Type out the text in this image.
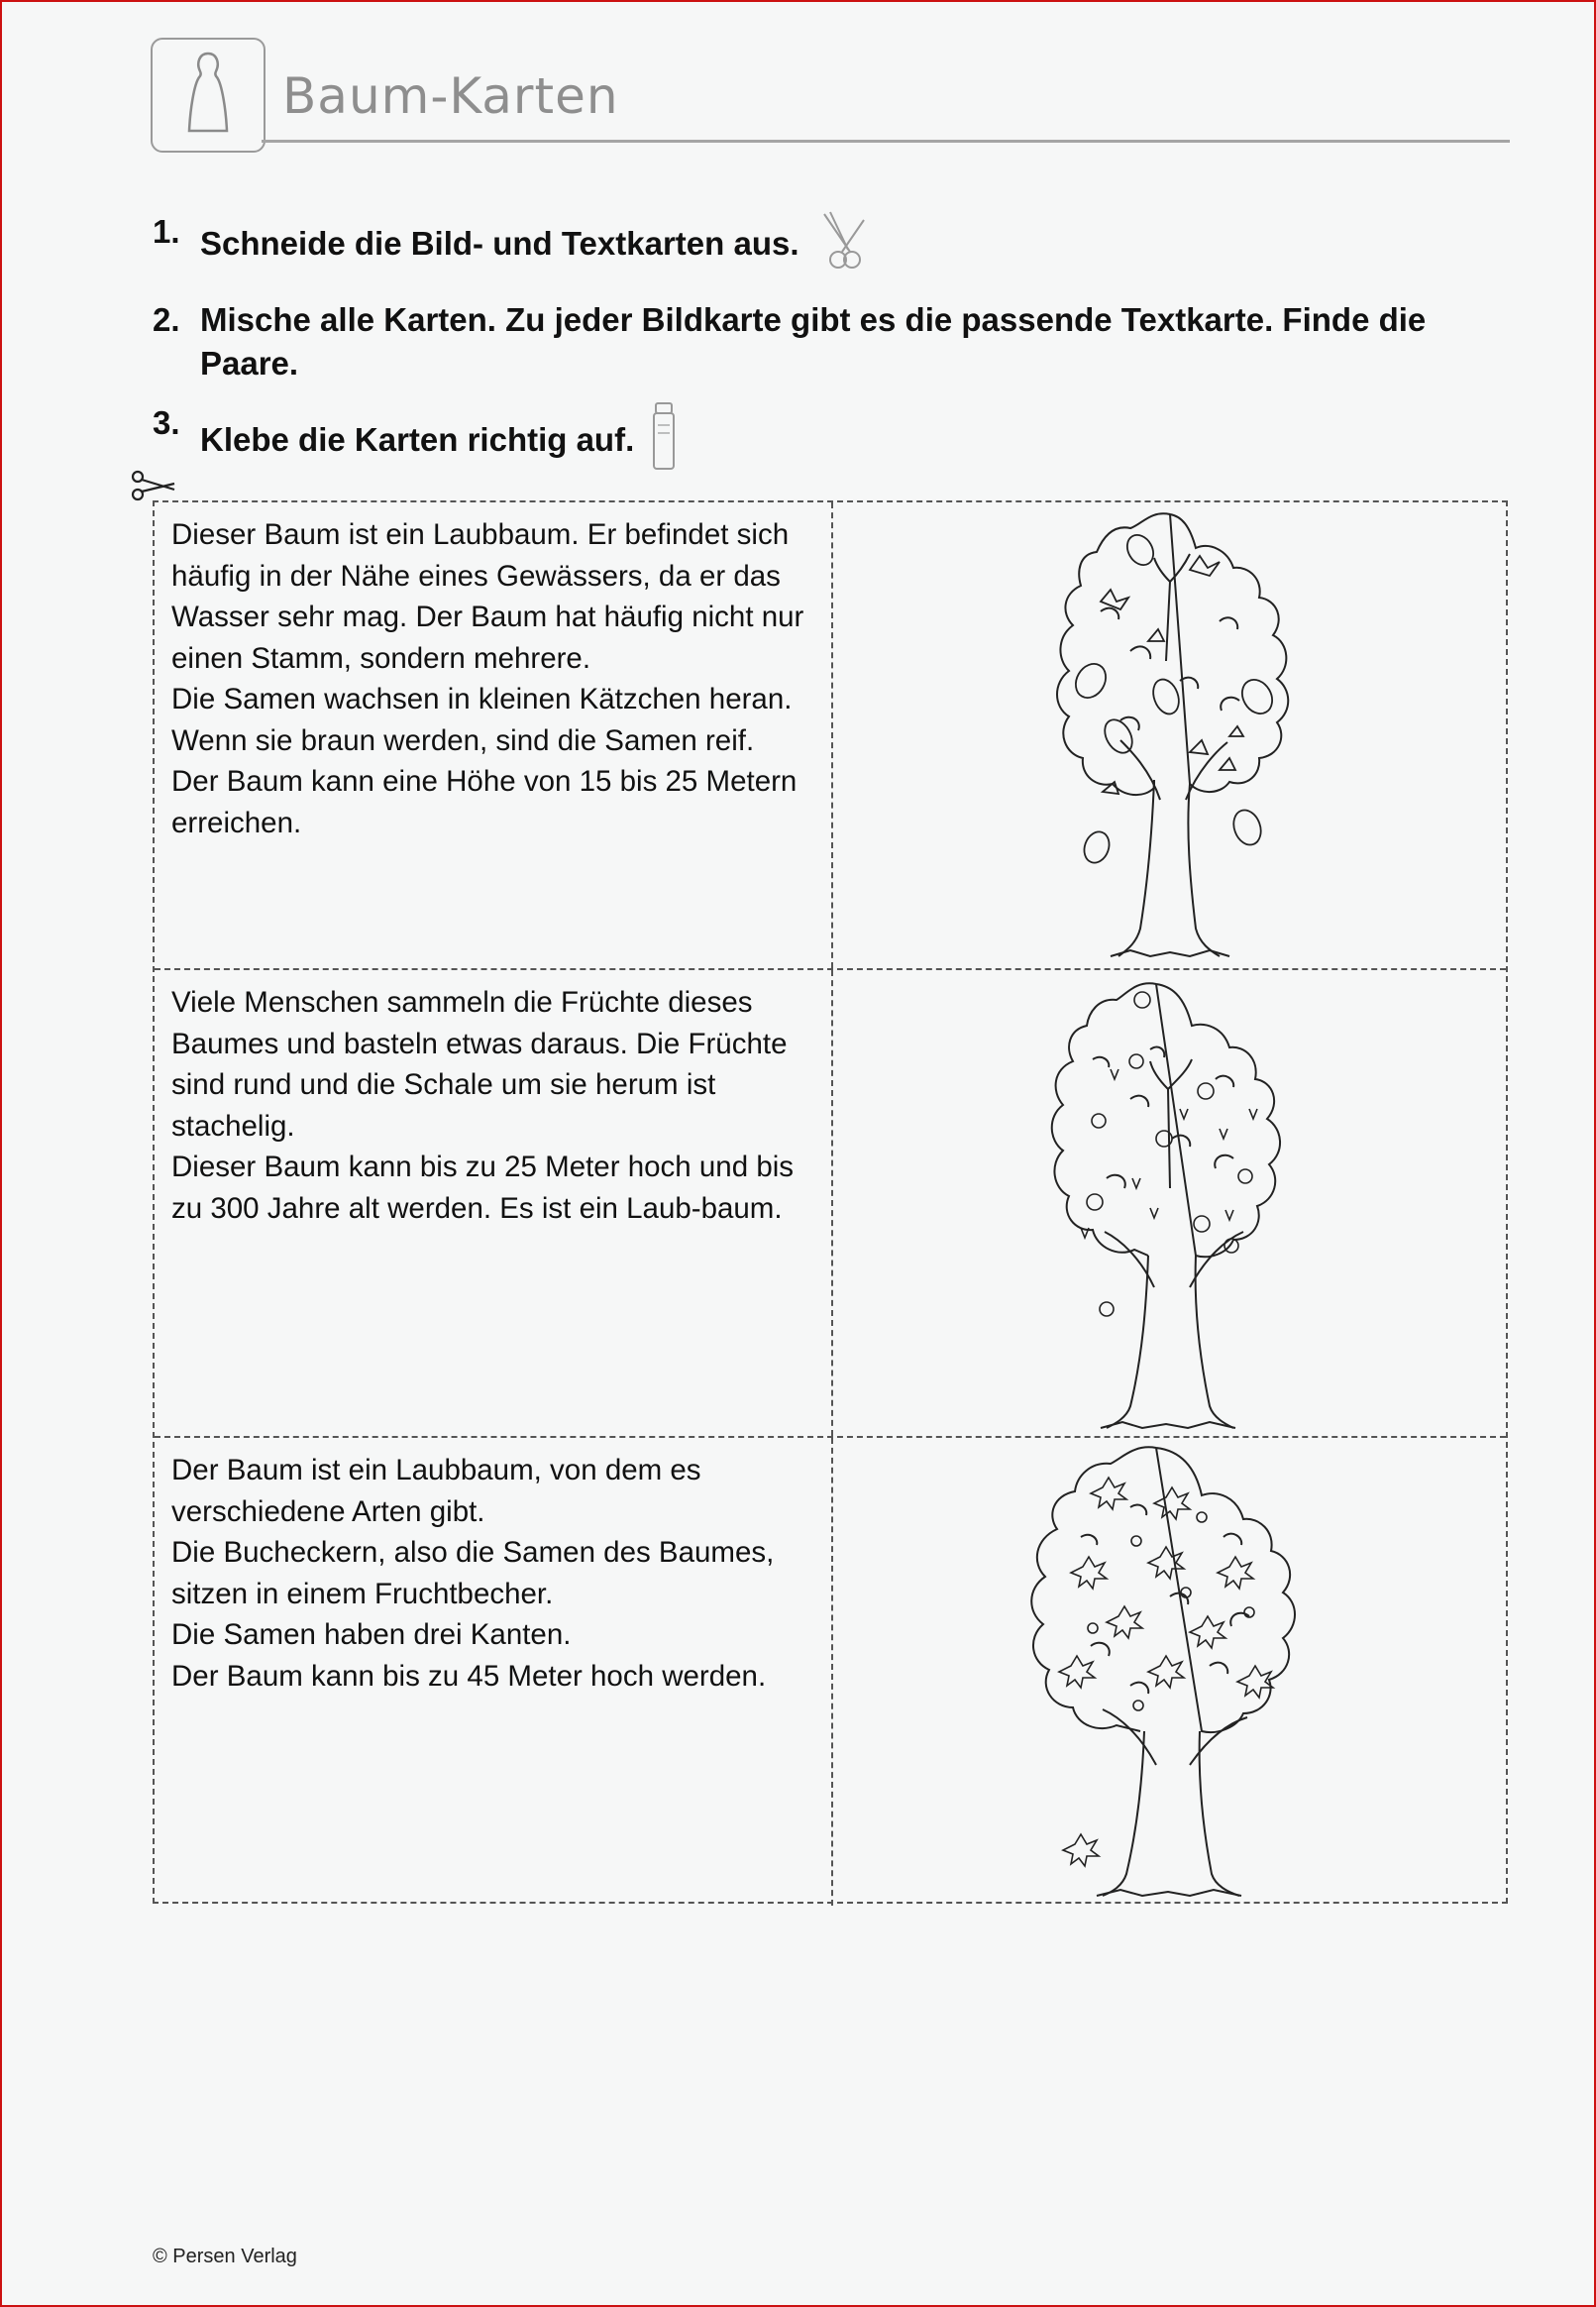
Baum-Karten
1. Schneide die Bild- und Textkarten aus.
2. Mische alle Karten. Zu jeder Bildkarte gibt es die passende Textkarte. Finde die Paare.
3. Klebe die Karten richtig auf.

Dieser Baum ist ein Laubbaum. Er befindet sich häufig in der Nähe eines Gewässers, da er das Wasser sehr mag. Der Baum hat häufig nicht nur einen Stamm, sondern mehrere.

Die Samen wachsen in kleinen Kätzchen heran. Wenn sie braun werden, sind die Samen reif.

Der Baum kann eine Höhe von 15 bis 25 Metern erreichen.

Viele Menschen sammeln die Früchte dieses Baumes und basteln etwas daraus. Die Früchte sind rund und die Schale um sie herum ist stachelig.

Dieser Baum kann bis zu 25 Meter hoch und bis zu 300 Jahre alt werden. Es ist ein Laub-baum.

Der Baum ist ein Laubbaum, von dem es verschiedene Arten gibt.

Die Bucheckern, also die Samen des Baumes, sitzen in einem Fruchtbecher.

Die Samen haben drei Kanten.

Der Baum kann bis zu 45 Meter hoch werden.

© Persen Verlag
